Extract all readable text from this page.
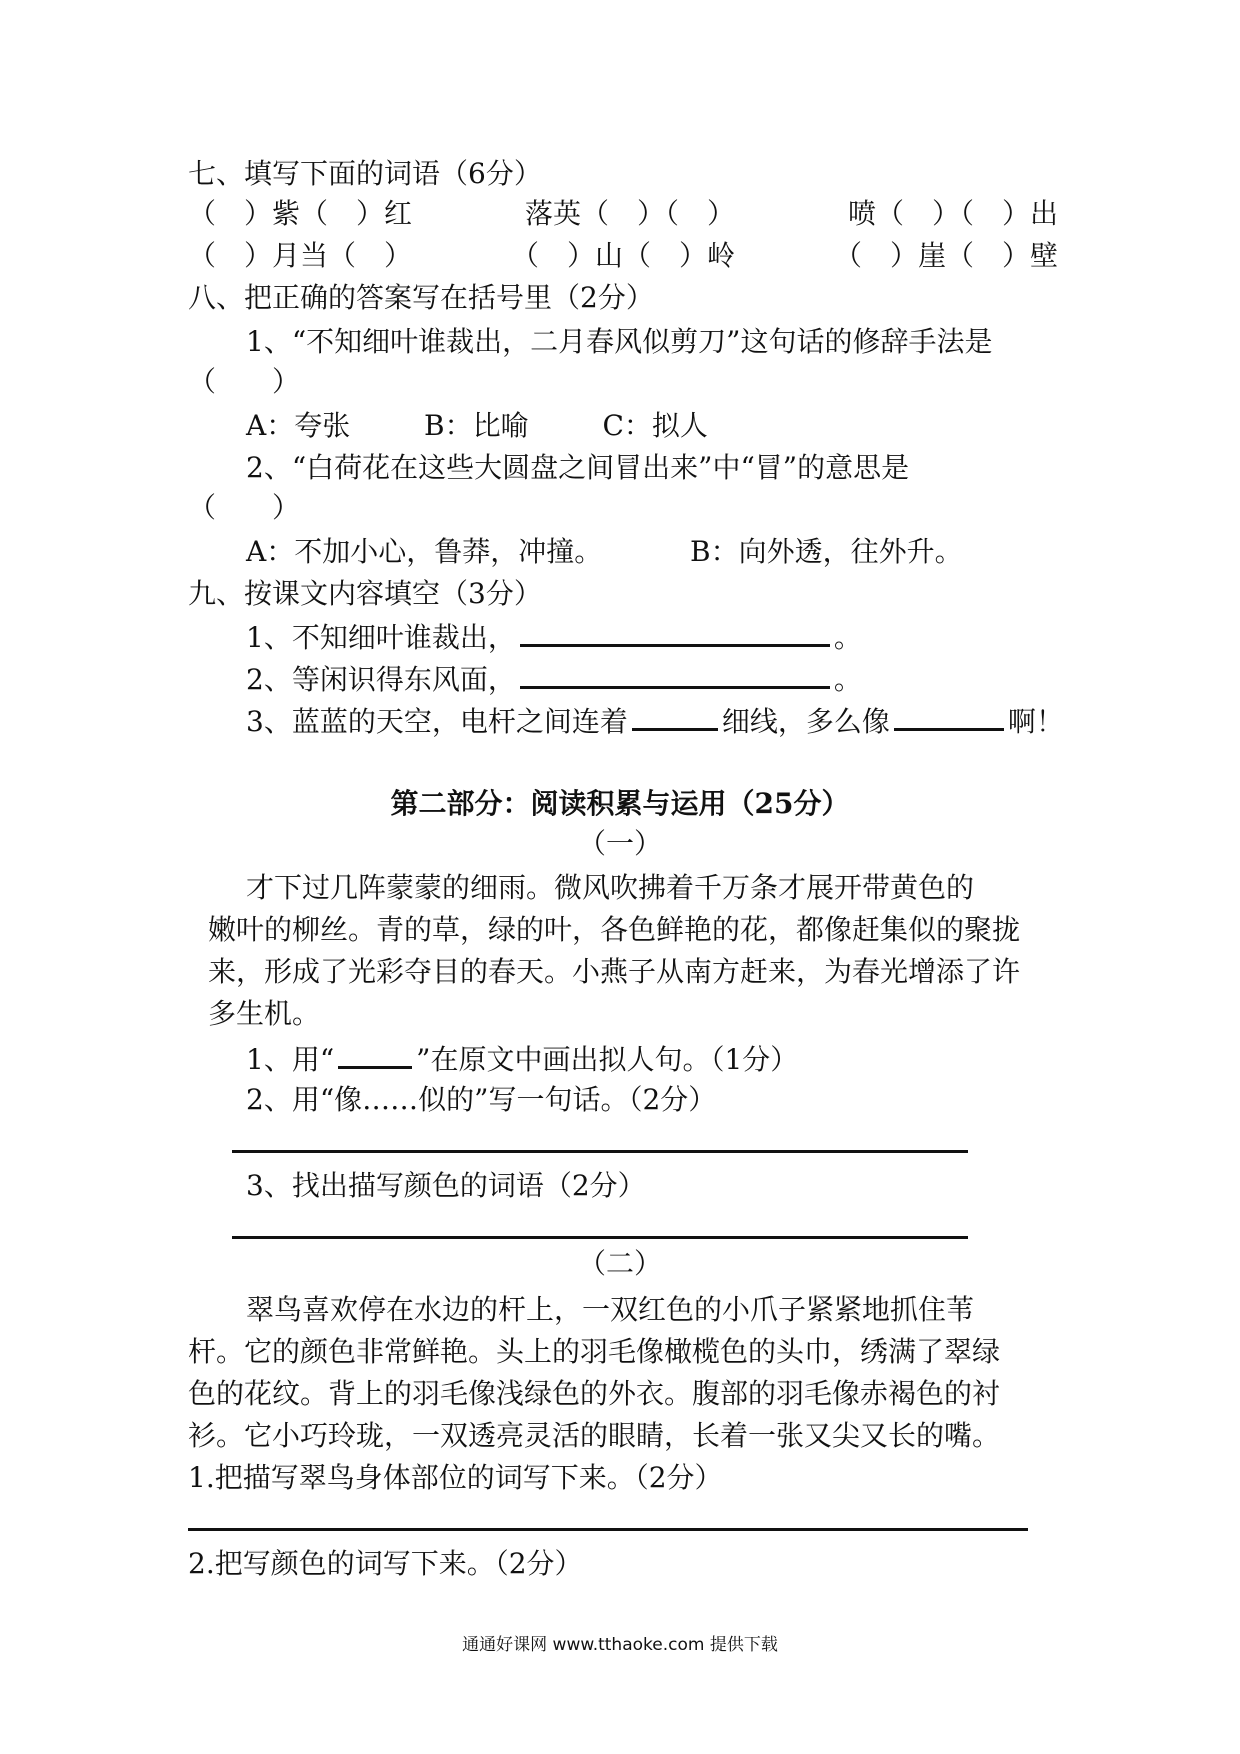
七、填写下面的词语（6分）
（　）紫（　）红	落英（　）（　）	喷（　）（　）出
（　）月当（　）	（　）山（　）岭	（　）崖（　）壁
八、把正确的答案写在括号里（2分）
1、“不知细叶谁裁出，二月春风似剪刀”这句话的修辞手法是
（　　）
A：夸张	B：比喻	C：拟人
2、“白荷花在这些大圆盘之间冒出来”中“冒”的意思是
（　　）
A：不加小心，鲁莽，冲撞。	B：向外透，往外升。
九、按课文内容填空（3分）
1、不知细叶谁裁出，	。
2、等闲识得东风面，	。
3、蓝蓝的天空，电杆之间连着	细线，多么像	啊！
第二部分：阅读积累与运用（25分）
（一）
才下过几阵蒙蒙的细雨。微风吹拂着千万条才展开带黄色的
嫩叶的柳丝。青的草，绿的叶，各色鲜艳的花，都像赶集似的聚拢
来，形成了光彩夺目的春天。小燕子从南方赶来，为春光增添了许
多生机。
1、用“	”在原文中画出拟人句。（1分）
2、用“像……似的”写一句话。（2分）
3、找出描写颜色的词语（2分）
（二）
翠鸟喜欢停在水边的杆上，一双红色的小爪子紧紧地抓住苇
杆。它的颜色非常鲜艳。头上的羽毛像橄榄色的头巾，绣满了翠绿
色的花纹。背上的羽毛像浅绿色的外衣。腹部的羽毛像赤褐色的衬
衫。它小巧玲珑，一双透亮灵活的眼睛，长着一张又尖又长的嘴。
1.把描写翠鸟身体部位的词写下来。（2分）
2.把写颜色的词写下来。（2分）
通通好课网 www.tthaoke.com 提供下载
